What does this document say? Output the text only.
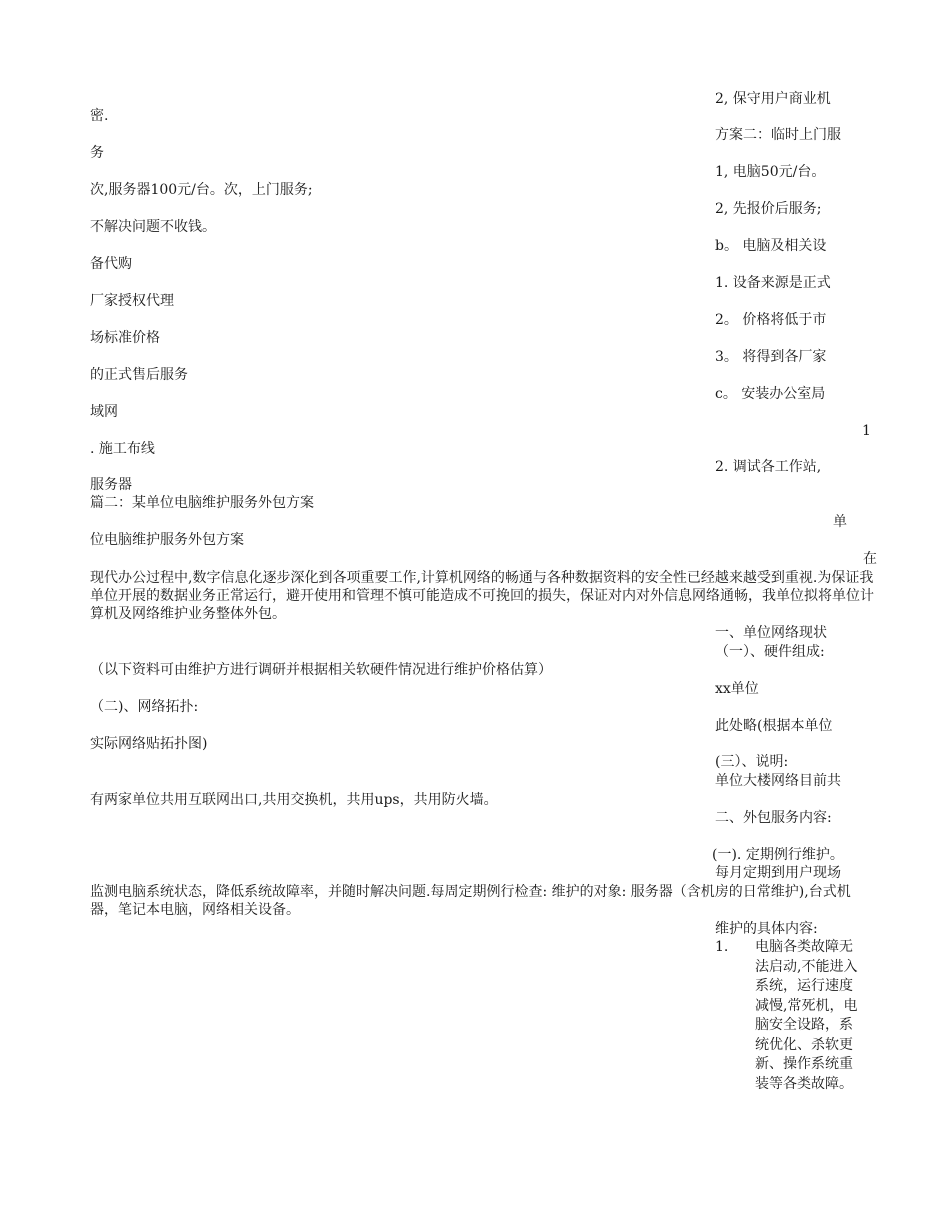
密.
务
次,服务器100元/台。次，上门服务;
不解决问题不收钱。
备代购
厂家授权代理
场标准价格
的正式售后服务
域网
. 施工布线
服务器
2, 保守用户商业机
方案二：临时上门服
1, 电脑50元/台。
2, 先报价后服务;
b。 电脑及相关设
1. 设备来源是正式
2。 价格将低于市
3。 将得到各厂家
c。 安装办公室局
1
2. 调试各工作站,
篇二：某单位电脑维护服务外包方案
单
位电脑维护服务外包方案
在
现代办公过程中,数字信息化逐步深化到各项重要工作,计算机网络的畅通与各种数据资料的安全性已经越来越受到重视.为保证我单位开展的数据业务正常运行，避开使用和管理不慎可能造成不可挽回的损失，保证对内对外信息网络通畅，我单位拟将单位计算机及网络维护业务整体外包。
一、单位网络现状
（一）、硬件组成:
（以下资料可由维护方进行调研并根据相关软硬件情况进行维护价格估算）
xx单位
（二)、网络拓扑:
此处略(根据本单位
实际网络贴拓扑图)
(三）、说明:
单位大楼网络目前共
有两家单位共用互联网出口,共用交换机，共用ups，共用防火墙。
二、外包服务内容:
(一). 定期例行维护。
每月定期到用户现场
监测电脑系统状态，降低系统故障率，并随时解决问题.每周定期例行检查: 维护的对象: 服务器（含机房的日常维护),台式机器，笔记本电脑，网络相关设备。
维护的具体内容:
1. 电脑各类故障无法启动,不能进入系统，运行速度减慢,常死机，电脑安全设路，系统优化、杀软更新、操作系统重装等各类故障。
